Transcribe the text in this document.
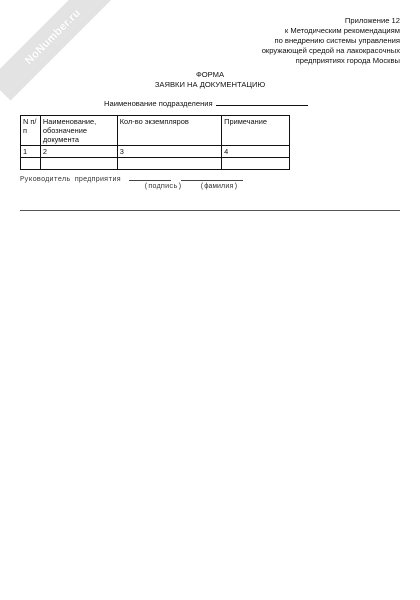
NoNumber.ru	Приложение 12
к Методическим рекомендациям
по внедрению системы управления
окружающей средой на лакокрасочных
предприятиях города Москвы
ФОРМА
ЗАЯВКИ НА ДОКУМЕНТАЦИЮ
Наименование подразделения
N п/п	Наименование, обозначение документа	Кол-во экземпляров	Примечание
1	2	3	4

Руководитель предприятия
(подпись)	(фамилия)
